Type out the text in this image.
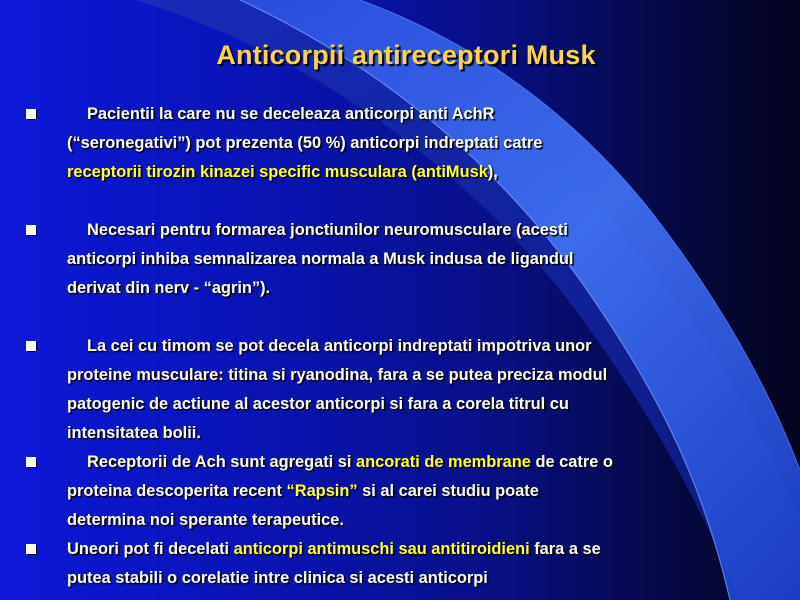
Anticorpii antireceptori Musk
Pacientii la care nu se deceleaza anticorpi anti AchR
(“seronegativi”) pot prezenta (50 %) anticorpi indreptati catre
receptorii tirozin kinazei specific musculara (antiMusk),
Necesari pentru formarea jonctiunilor neuromusculare (acesti
anticorpi inhiba semnalizarea normala a Musk indusa de ligandul
derivat din nerv - “agrin”).
La cei cu timom se pot decela anticorpi indreptati impotriva unor
proteine musculare: titina si ryanodina, fara a se putea preciza modul
patogenic de actiune al acestor anticorpi si fara a corela titrul cu
intensitatea bolii.
Receptorii de Ach sunt agregati si ancorati de membrane de catre o
proteina descoperita recent “Rapsin” si al carei studiu poate
determina noi sperante terapeutice.
Uneori pot fi decelati anticorpi antimuschi sau antitiroidieni fara a se
putea stabili o corelatie intre clinica si acesti anticorpi
